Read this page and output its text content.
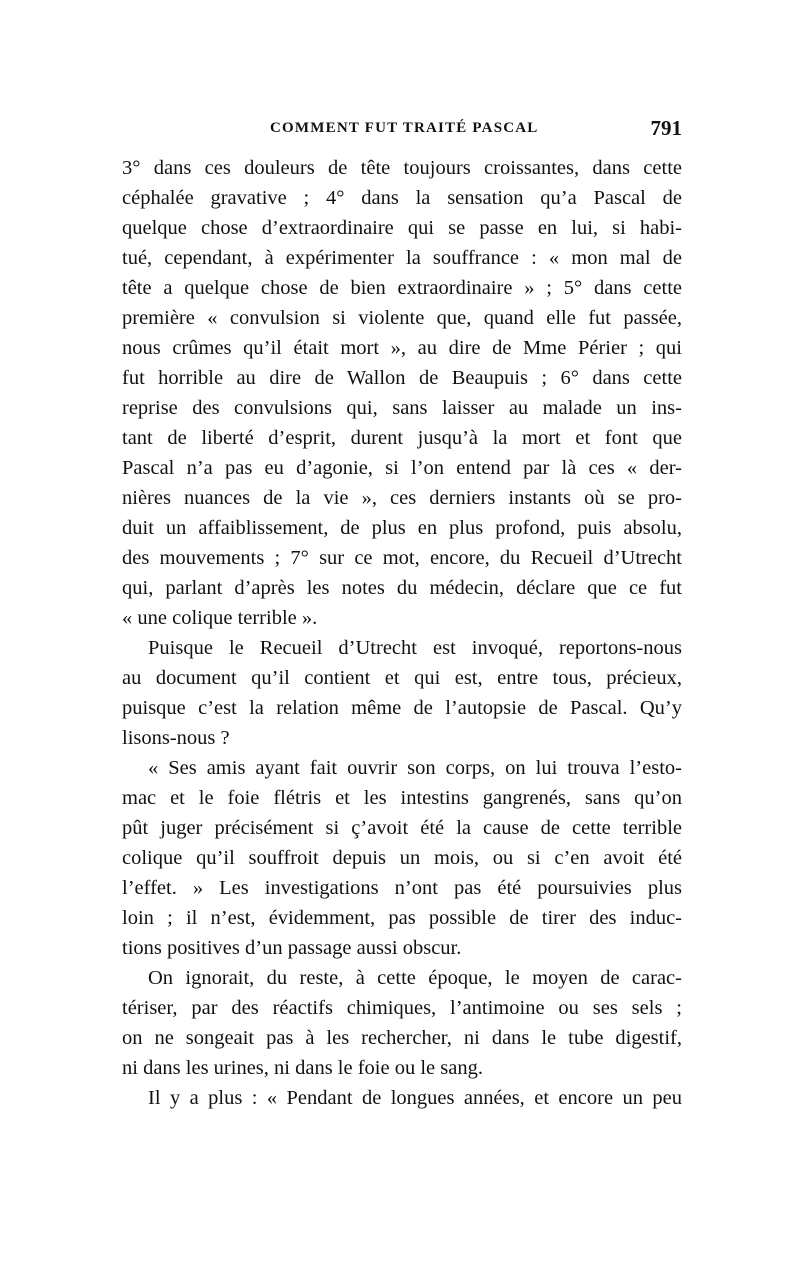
COMMENT FUT TRAITÉ PASCAL	791
3° dans ces douleurs de tête toujours croissantes, dans cette
céphalée gravative ; 4° dans la sensation qu’a Pascal de
quelque chose d’extraordinaire qui se passe en lui, si habi-
tué, cependant, à expérimenter la souffrance : « mon mal de
tête a quelque chose de bien extraordinaire » ; 5° dans cette
première « convulsion si violente que, quand elle fut passée,
nous crûmes qu’il était mort », au dire de Mme Périer ; qui
fut horrible au dire de Wallon de Beaupuis ; 6° dans cette
reprise des convulsions qui, sans laisser au malade un ins-
tant de liberté d’esprit, durent jusqu’à la mort et font que
Pascal n’a pas eu d’agonie, si l’on entend par là ces « der-
nières nuances de la vie », ces derniers instants où se pro-
duit un affaiblissement, de plus en plus profond, puis absolu,
des mouvements ; 7° sur ce mot, encore, du Recueil d’Utrecht
qui, parlant d’après les notes du médecin, déclare que ce fut
« une colique terrible ».
Puisque le Recueil d’Utrecht est invoqué, reportons-nous
au document qu’il contient et qui est, entre tous, précieux,
puisque c’est la relation même de l’autopsie de Pascal. Qu’y
lisons-nous ?
« Ses amis ayant fait ouvrir son corps, on lui trouva l’esto-
mac et le foie flétris et les intestins gangrenés, sans qu’on
pût juger précisément si ç’avoit été la cause de cette terrible
colique qu’il souffroit depuis un mois, ou si c’en avoit été
l’effet. » Les investigations n’ont pas été poursuivies plus
loin ; il n’est, évidemment, pas possible de tirer des induc-
tions positives d’un passage aussi obscur.
On ignorait, du reste, à cette époque, le moyen de carac-
tériser, par des réactifs chimiques, l’antimoine ou ses sels ;
on ne songeait pas à les rechercher, ni dans le tube digestif,
ni dans les urines, ni dans le foie ou le sang.
Il y a plus : « Pendant de longues années, et encore un peu
